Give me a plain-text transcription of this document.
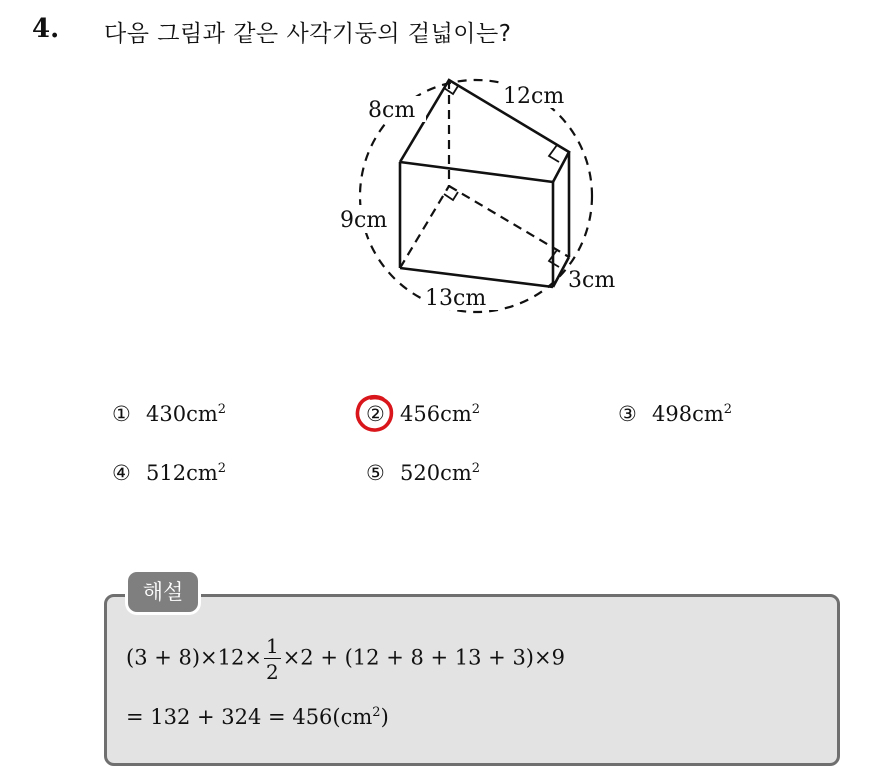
4. 다음 그림과 같은 사각기둥의 겉넓이는?
8cm
12cm
9cm
13cm
3cm
① $430cm^2$	② $456cm^2$	③ $498cm^2$
④ $512cm^2$	⑤ $520cm^2$
해설
$(3 + 8)\times 12\times \frac{1}{2} \times 2 + (12 + 8 + 13 + 3)\times 9$
= $132 + 324 = 456(cm^2)$
